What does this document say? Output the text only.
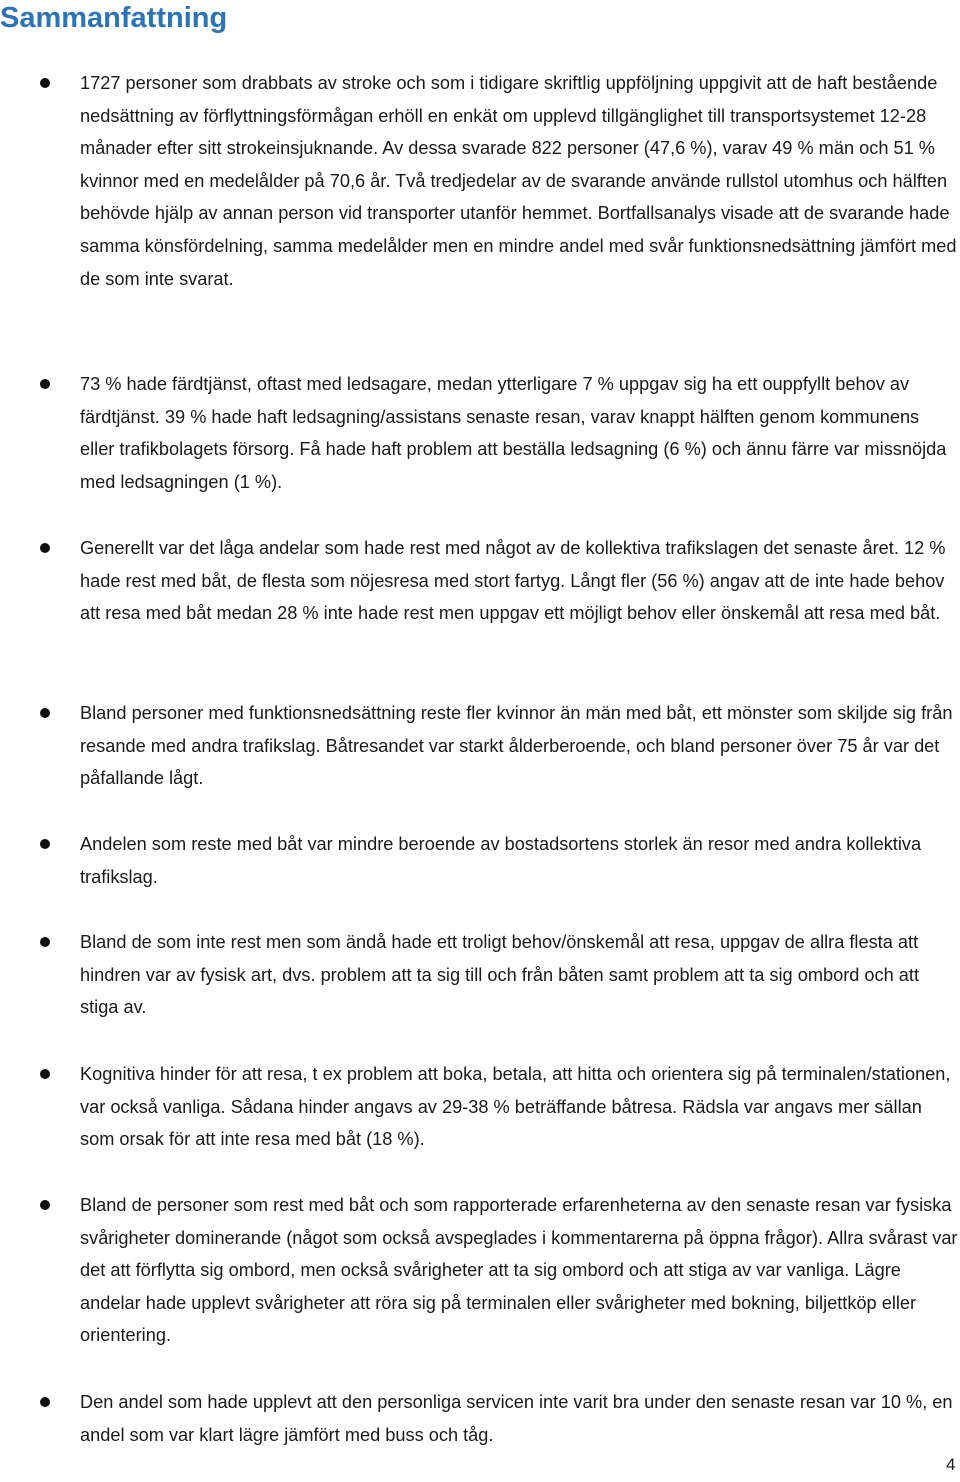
Sammanfattning

1727 personer som drabbats av stroke och som i tidigare skriftlig uppföljning uppgivit att de haft bestående nedsättning av förflyttningsförmågan erhöll en enkät om upplevd tillgänglighet till transportsystemet 12-28 månader efter sitt strokeinsjuknande. Av dessa svarade 822 personer (47,6 %), varav 49 % män och 51 % kvinnor med en medelålder på 70,6 år. Två tredjedelar av de svarande använde rullstol utomhus och hälften behövde hjälp av annan person vid transporter utanför hemmet. Bortfallsanalys visade att de svarande hade samma könsfördelning, samma medelålder men en mindre andel med svår funktionsnedsättning jämfört med de som inte svarat.

73 % hade färdtjänst, oftast med ledsagare, medan ytterligare 7 % uppgav sig ha ett ouppfyllt behov av färdtjänst. 39 % hade haft ledsagning/assistans senaste resan, varav knappt hälften genom kommunens eller trafikbolagets försorg. Få hade haft problem att beställa ledsagning (6 %) och ännu färre var missnöjda med ledsagningen (1 %).

Generellt var det låga andelar som hade rest med något av de kollektiva trafikslagen det senaste året. 12 % hade rest med båt, de flesta som nöjesresa med stort fartyg. Långt fler (56 %) angav att de inte hade behov att resa med båt medan 28 % inte hade rest men uppgav ett möjligt behov eller önskemål att resa med båt.

Bland personer med funktionsnedsättning reste fler kvinnor än män med båt, ett mönster som skiljde sig från resande med andra trafikslag. Båtresandet var starkt ålderberoende, och bland personer över 75 år var det påfallande lågt.

Andelen som reste med båt var mindre beroende av bostadsortens storlek än resor med andra kollektiva trafikslag.

Bland de som inte rest men som ändå hade ett troligt behov/önskemål att resa, uppgav de allra flesta att hindren var av fysisk art, dvs. problem att ta sig till och från båten samt problem att ta sig ombord och att stiga av.

Kognitiva hinder för att resa, t ex problem att boka, betala, att hitta och orientera sig på terminalen/stationen, var också vanliga. Sådana hinder angavs av 29-38 % beträffande båtresa. Rädsla var angavs mer sällan som orsak för att inte resa med båt (18 %).

Bland de personer som rest med båt och som rapporterade erfarenheterna av den senaste resan var fysiska svårigheter dominerande (något som också avspeglades i kommentarerna på öppna frågor). Allra svårast var det att förflytta sig ombord, men också svårigheter att ta sig ombord och att stiga av var vanliga. Lägre andelar hade upplevt svårigheter att röra sig på terminalen eller svårigheter med bokning, biljettköp eller orientering.

Den andel som hade upplevt att den personliga servicen inte varit bra under den senaste resan var 10 %, en andel som var klart lägre jämfört med buss och tåg.

4
